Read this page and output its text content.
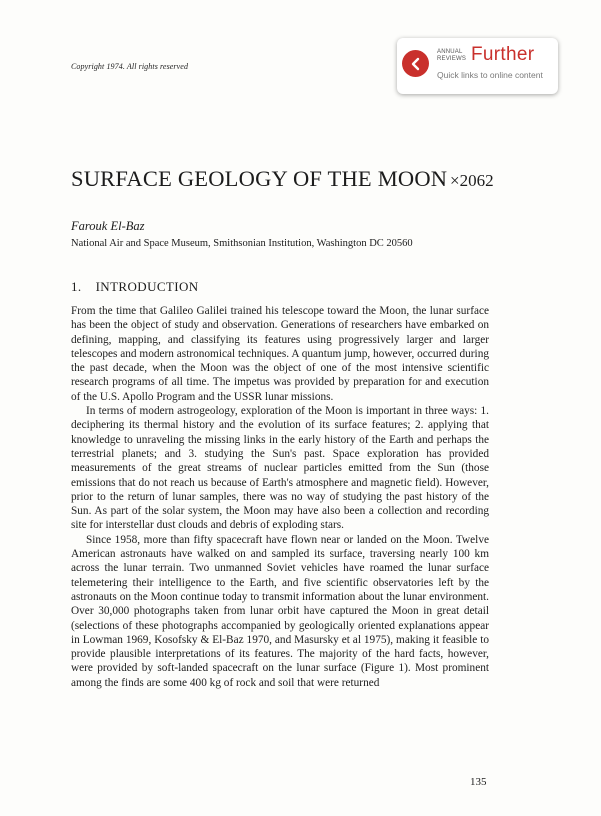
Copyright 1974. All rights reserved
ANNUAL
REVIEWS Further
Quick links to online content
SURFACE GEOLOGY OF THE MOON ×2062
Farouk El-Baz
National Air and Space Museum, Smithsonian Institution, Washington DC 20560
1. INTRODUCTION

From the time that Galileo Galilei trained his telescope toward the Moon, the lunar surface has been the object of study and observation. Generations of researchers have embarked on defining, mapping, and classifying its features using progressively larger and larger telescopes and modern astronomical techniques. A quantum jump, however, occurred during the past decade, when the Moon was the object of one of the most intensive scientific research programs of all time. The impetus was provided by preparation for and execution of the U.S. Apollo Program and the USSR lunar missions.

In terms of modern astrogeology, exploration of the Moon is important in three ways: 1. deciphering its thermal history and the evolution of its surface features; 2. applying that knowledge to unraveling the missing links in the early history of the Earth and perhaps the terrestrial planets; and 3. studying the Sun's past. Space exploration has provided measurements of the great streams of nuclear particles emitted from the Sun (those emissions that do not reach us because of Earth's atmosphere and magnetic field). However, prior to the return of lunar samples, there was no way of studying the past history of the Sun. As part of the solar system, the Moon may have also been a collection and recording site for interstellar dust clouds and debris of exploding stars.

Since 1958, more than fifty spacecraft have flown near or landed on the Moon. Twelve American astronauts have walked on and sampled its surface, traversing nearly 100 km across the lunar terrain. Two unmanned Soviet vehicles have roamed the lunar surface telemetering their intelligence to the Earth, and five scientific observatories left by the astronauts on the Moon continue today to transmit information about the lunar environment. Over 30,000 photographs taken from lunar orbit have captured the Moon in great detail (selections of these photographs accompanied by geologically oriented explanations appear in Lowman 1969, Kosofsky & El-Baz 1970, and Masursky et al 1975), making it feasible to provide plausible interpretations of its features. The majority of the hard facts, however, were provided by soft-landed spacecraft on the lunar surface (Figure 1). Most prominent among the finds are some 400 kg of rock and soil that were returned

135
